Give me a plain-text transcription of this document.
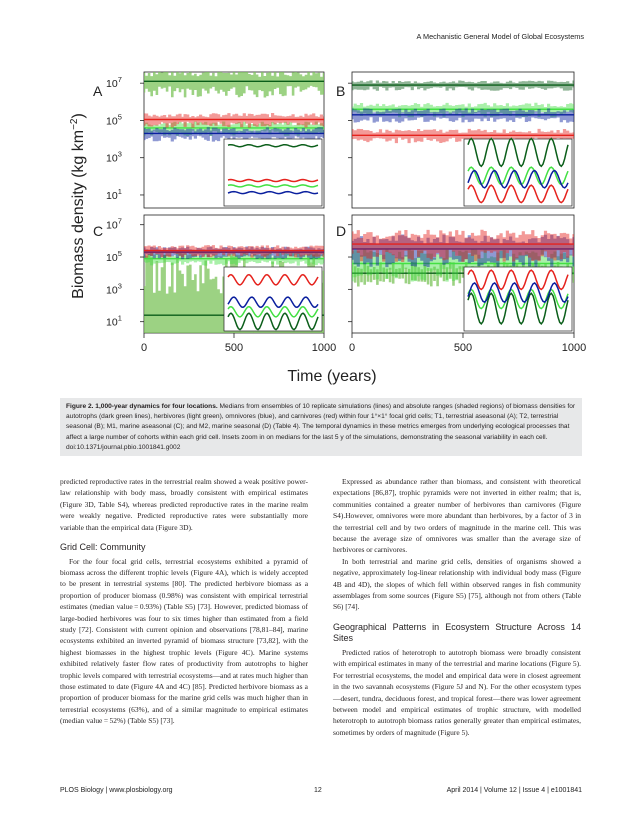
A Mechanistic General Model of Global Ecosystems
A $10^7$
$10^5$
$10^3$
$10^1$
B
C $10^7$
$10^5$
$10^3$
$10^1$
0	500	1000
D
0	500	1000
Biomass density (kg $km^{-2}$)
Time (years)
Figure 2. 1,000-year dynamics for four locations. Medians from ensembles of 10 replicate simulations (lines) and absolute ranges (shaded regions) of biomass densities for autotrophs (dark green lines), herbivores (light green), omnivores (blue), and carnivores (red) within four 1°×1° focal grid cells; T1, terrestrial aseasonal (A); T2, terrestrial seasonal (B); M1, marine aseasonal (C); and M2, marine seasonal (D) (Table 4). The temporal dynamics in these metrics emerges from underlying ecological processes that affect a large number of cohorts within each grid cell. Insets zoom in on medians for the last 5 y of the simulations, demonstrating the seasonal variability in each cell.
doi:10.1371/journal.pbio.1001841.g002

predicted reproductive rates in the terrestrial realm showed a weak positive power-law relationship with body mass, broadly consistent with empirical estimates (Figure 3D, Table S4), whereas predicted reproductive rates in the marine realm were weakly negative. Predicted reproductive rates were substantially more variable than the empirical data (Figure 3D).

Grid Cell: Community

For the four focal grid cells, terrestrial ecosystems exhibited a pyramid of biomass across the different trophic levels (Figure 4A), which is widely accepted to be present in terrestrial systems [80]. The predicted herbivore biomass as a proportion of producer biomass (0.98%) was consistent with empirical terrestrial estimates (median value = 0.93%) (Table S5) [73]. However, predicted biomass of large-bodied herbivores was four to six times higher than estimated from a field study [72]. Consistent with current opinion and observations [78,81–84], marine ecosystems exhibited an inverted pyramid of biomass structure [73,82], with the highest biomasses in the highest trophic levels (Figure 4C). Marine systems exhibited relatively faster flow rates of productivity from autotrophs to higher trophic levels compared with terrestrial ecosystems—and at rates much higher than those estimated to date (Figure 4A and 4C) [85]. Predicted herbivore biomass as a proportion of producer biomass for the marine grid cells was much higher than in terrestrial ecosystems (63%), and of a similar magnitude to empirical estimates (median value = 52%) (Table S5) [73].

Expressed as abundance rather than biomass, and consistent with theoretical expectations [86,87], trophic pyramids were not inverted in either realm; that is, communities contained a greater number of herbivores than carnivores (Figure S4).However, omnivores were more abundant than herbivores, by a factor of 3 in the terrestrial cell and by two orders of magnitude in the marine cell. This was because the average size of omnivores was smaller than the average size of herbivores or carnivores.

In both terrestrial and marine grid cells, densities of organisms showed a negative, approximately log-linear relationship with individual body mass (Figure 4B and 4D), the slopes of which fell within observed ranges in fish community assemblages from some sources (Figure S5) [75], although not from others (Table S6) [74].

Geographical Patterns in Ecosystem Structure Across 14 Sites

Predicted ratios of heterotroph to autotroph biomass were broadly consistent with empirical estimates in many of the terrestrial and marine locations (Figure 5). For terrestrial ecosystems, the model and empirical data were in closest agreement in the two savannah ecosystems (Figure 5J and N). For the other ecosystem types—desert, tundra, deciduous forest, and tropical forest—there was lower agreement between model and empirical estimates of trophic structure, with modelled heterotroph to autotroph biomass ratios generally greater than empirical estimates, sometimes by orders of magnitude (Figure 5).

PLOS Biology | www.plosbiology.org	12	April 2014 | Volume 12 | Issue 4 | e1001841
